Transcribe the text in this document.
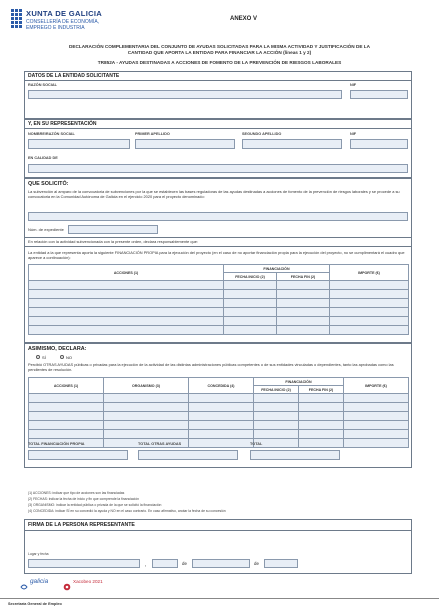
XUNTA DE GALICIA
CONSELLERÍA DE ECONOMÍA,
EMPREGO E INDUSTRIA
ANEXO V
DECLARACIÓN COMPLEMENTARIA DEL CONJUNTO DE AYUDAS SOLICITADAS PARA LA MISMA ACTIVIDAD Y JUSTIFICACIÓN DE LA
CANTIDAD QUE APORTA LA ENTIDAD PARA FINANCIAR LA ACCIÓN (líneas 1 y 2)
TR852A - AYUDAS DESTINADAS A ACCIONES DE FOMENTO DE LA PREVENCIÓN DE RIESGOS LABORALES
DATOS DE LA ENTIDAD SOLICITANTE
RAZÓN SOCIAL	NIF
Y, EN SU REPRESENTACIÓN
NOMBRE/RAZÓN SOCIAL	PRIMER APELLIDO	SEGUNDO APELLIDO	NIF
EN CALIDAD DE
QUE SOLICITÓ:
La subvención al amparo de la convocatoria de subvenciones por la que se establecen las bases reguladoras de las ayudas destinadas a acciones de fomento de la prevención de riesgos laborales y se procede a su convocatoria en la Comunidad Autónoma de Galicia en el ejercicio 2020 para el proyecto denominado:
Núm. de expediente
En relación con la actividad subvencionada con la presente orden, declara responsablemente que:
La entidad a la que representa aporta la siguiente FINANCIACIÓN PROPIA para la ejecución del proyecto (en el caso de no aportar financiación propia para la ejecución del proyecto, no se cumplimentará el cuadro que aparece a continuación):
ACCIONES (1)	FINANCIACIÓN		IMPORTE (€)
	FECHA INICIO (2)	FECHA FIN (2)	

ASIMISMO, DECLARA:
SÍ	NO
Percibió OTRAS AYUDAS públicas o privadas para la ejecución de la actividad de las distintas administraciones públicas competentes o de sus entidades vinculadas o dependientes, tanto las aprobadas como las pendientes de resolución.
ACCIONES (1)	ORGANISMO (3)	CONCEDIDA (4)	FINANCIACIÓN		IMPORTE (€)
			FECHA INICIO (2)	FECHA FIN (2)	

TOTAL FINANCIACIÓN PROPIA	TOTAL OTRAS AYUDAS	TOTAL
(1) ACCIONES: indicar que tipo de acciones son las financiadas
(2) FECHAS: indicar la fecha de inicio y fin que comprende la financiación
(3) ORGANISMO: indicar la entidad pública o privada de la que se solicitó la financiación
(4) CONCEDIDA: indicar SÍ en su concedió la ayuda y NO en el caso contrario. En caso afirmativo, anotar la fecha de su concesión
FIRMA DE LA PERSONA REPRESENTANTE
Lugar y fecha
,	de	de
galicia	Xacobeo 2021
Secretaría General de Empleo
